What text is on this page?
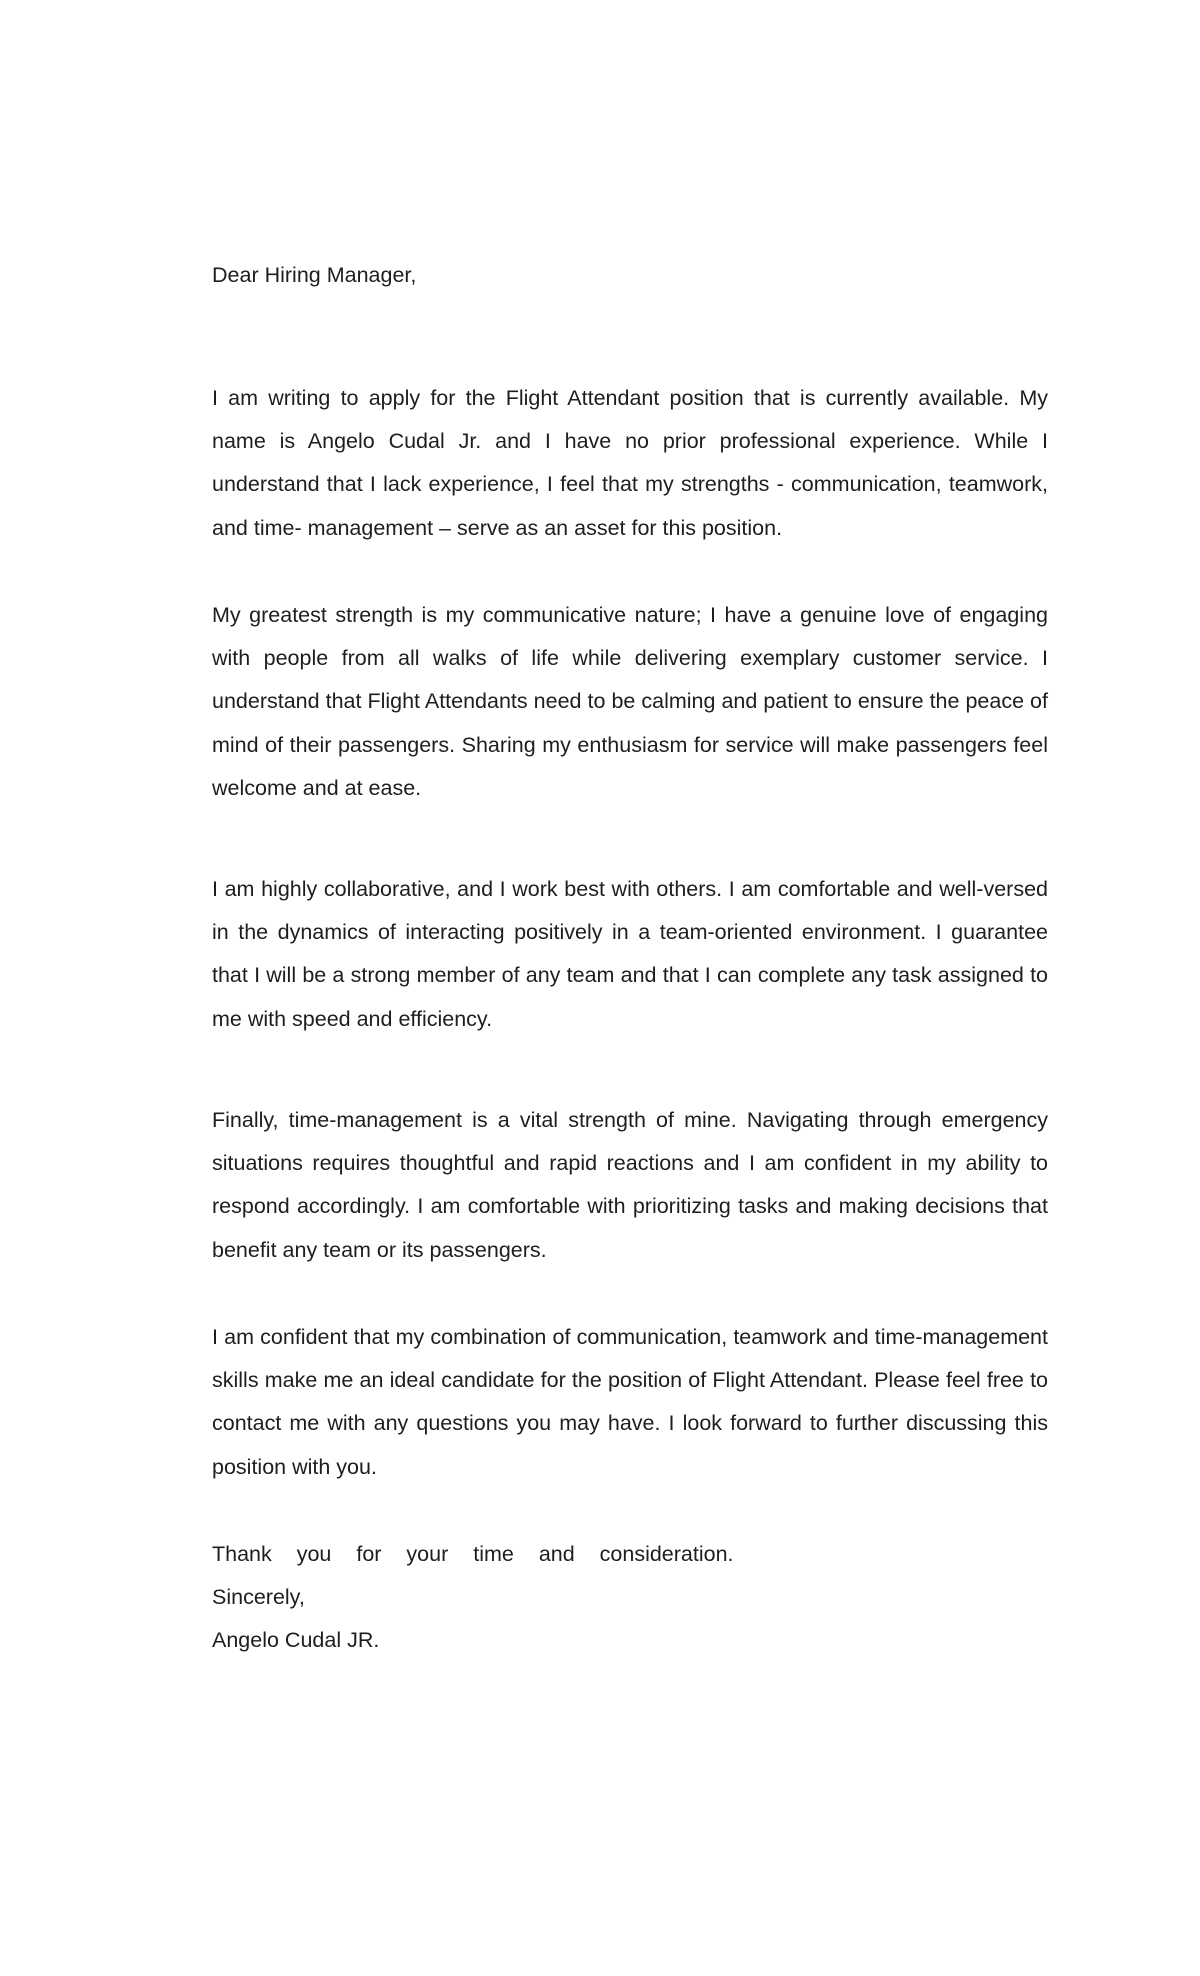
Dear Hiring Manager,

I am writing to apply for the Flight Attendant position that is currently available. My name is Angelo Cudal Jr. and I have no prior professional experience. While I understand that I lack experience, I feel that my strengths - communication, teamwork, and time- management – serve as an asset for this position.

My greatest strength is my communicative nature; I have a genuine love of engaging with people from all walks of life while delivering exemplary customer service. I understand that Flight Attendants need to be calming and patient to ensure the peace of mind of their passengers. Sharing my enthusiasm for service will make passengers feel welcome and at ease.

I am highly collaborative, and I work best with others. I am comfortable and well-versed in the dynamics of interacting positively in a team-oriented environment. I guarantee that I will be a strong member of any team and that I can complete any task assigned to me with speed and efficiency.

Finally, time-management is a vital strength of mine. Navigating through emergency situations requires thoughtful and rapid reactions and I am confident in my ability to respond accordingly. I am comfortable with prioritizing tasks and making decisions that benefit any team or its passengers.

I am confident that my combination of communication, teamwork and time-management skills make me an ideal candidate for the position of Flight Attendant. Please feel free to contact me with any questions you may have. I look forward to further discussing this position with you.

Thank you for your time and consideration.
Sincerely,
Angelo Cudal JR.
